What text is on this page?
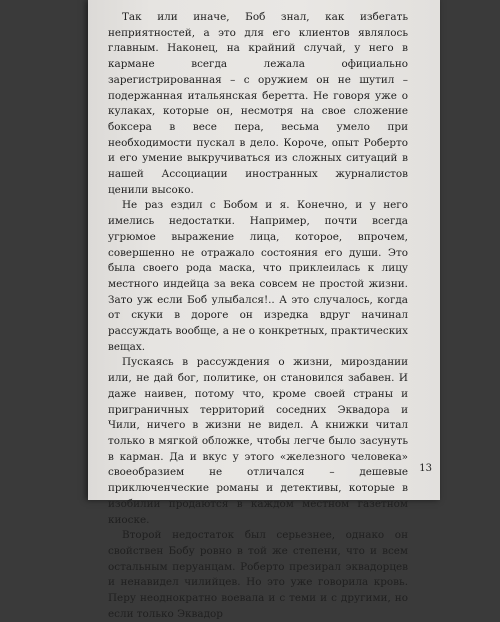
Так или иначе, Боб знал, как избегать неприятностей, а это для его клиентов являлось главным. Наконец, на крайний случай, у него в кармане всегда лежала официально зарегистрированная – с оружием он не шутил – подержанная итальянская беретта. Не говоря уже о кулаках, которые он, несмотря на свое сложение боксера в весе пера, весьма умело при необходимости пускал в дело. Короче, опыт Роберто и его умение выкручиваться из сложных ситуаций в нашей Ассоциации иностранных журналистов ценили высоко.

Не раз ездил с Бобом и я. Конечно, и у него имелись недостатки. Например, почти всегда угрюмое выражение лица, которое, впрочем, совершенно не отражало состояния его души. Это была своего рода маска, что приклеилась к лицу местного индейца за века совсем не простой жизни. Зато уж если Боб улыбался!.. А это случалось, когда от скуки в дороге он изредка вдруг начинал рассуждать вообще, а не о конкретных, практических вещах.

Пускаясь в рассуждения о жизни, мироздании или, не дай бог, политике, он становился забавен. И даже наивен, потому что, кроме своей страны и приграничных территорий соседних Эквадора и Чили, ничего в жизни не видел. А книжки читал только в мягкой обложке, чтобы легче было засунуть в карман. Да и вкус у этого «железного человека» своеобразием не отличался – дешевые приключенческие романы и детективы, которые в изобилии продаются в каждом местном газетном киоске.

Второй недостаток был серьезнее, однако он свойствен Бобу ровно в той же степени, что и всем остальным перуанцам. Роберто презирал эквадорцев и ненавидел чилийцев. Но это уже говорила кровь. Перу неоднократно воевала и с теми и с другими, но если только Эквадор

13
